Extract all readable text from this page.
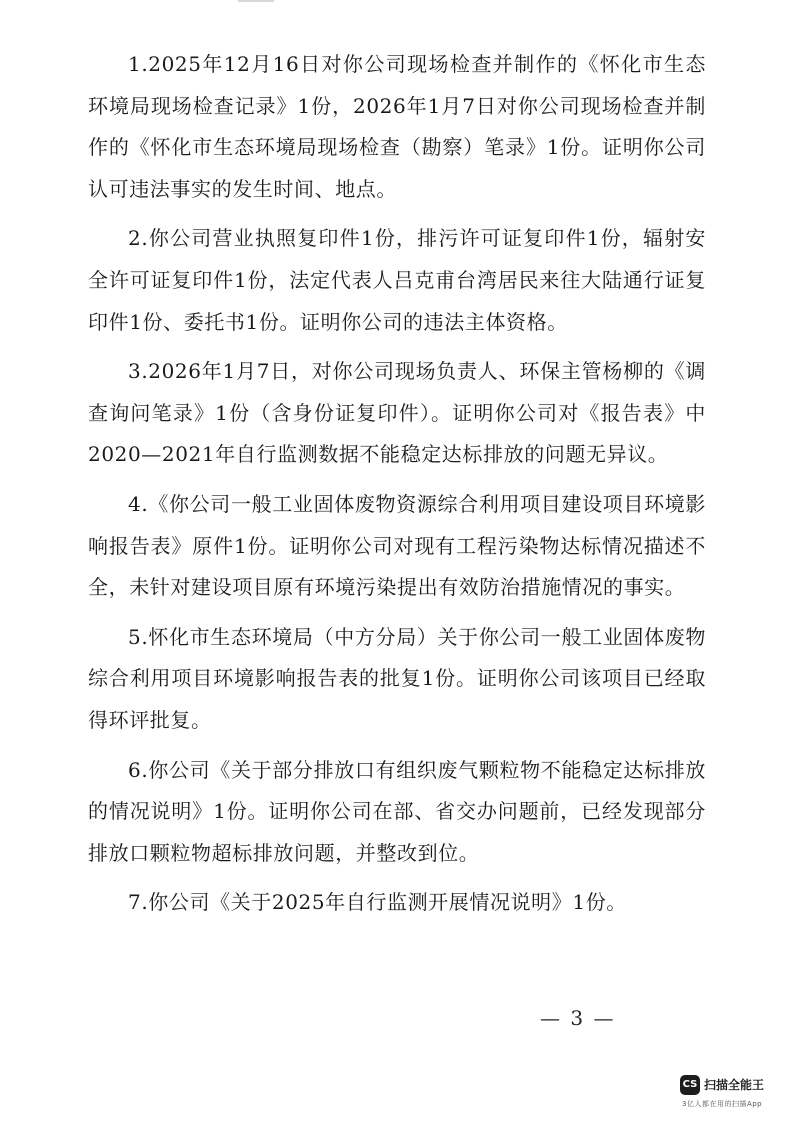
1.2025年12月16日对你公司现场检查并制作的《怀化市生态环境局现场检查记录》1份，2026年1月7日对你公司现场检查并制作的《怀化市生态环境局现场检查（勘察）笔录》1份。证明你公司认可违法事实的发生时间、地点。

2.你公司营业执照复印件1份，排污许可证复印件1份，辐射安全许可证复印件1份，法定代表人吕克甫台湾居民来往大陆通行证复印件1份、委托书1份。证明你公司的违法主体资格。

3.2026年1月7日，对你公司现场负责人、环保主管杨柳的《调查询问笔录》1份（含身份证复印件）。证明你公司对《报告表》中2020—2021年自行监测数据不能稳定达标排放的问题无异议。

4.《你公司一般工业固体废物资源综合利用项目建设项目环境影响报告表》原件1份。证明你公司对现有工程污染物达标情况描述不全，未针对建设项目原有环境污染提出有效防治措施情况的事实。

5.怀化市生态环境局（中方分局）关于你公司一般工业固体废物综合利用项目环境影响报告表的批复1份。证明你公司该项目已经取得环评批复。

6.你公司《关于部分排放口有组织废气颗粒物不能稳定达标排放的情况说明》1份。证明你公司在部、省交办问题前，已经发现部分排放口颗粒物超标排放问题，并整改到位。

7.你公司《关于2025年自行监测开展情况说明》1份。

— 3 —
CS 扫描全能王
3亿人都在用的扫描App
